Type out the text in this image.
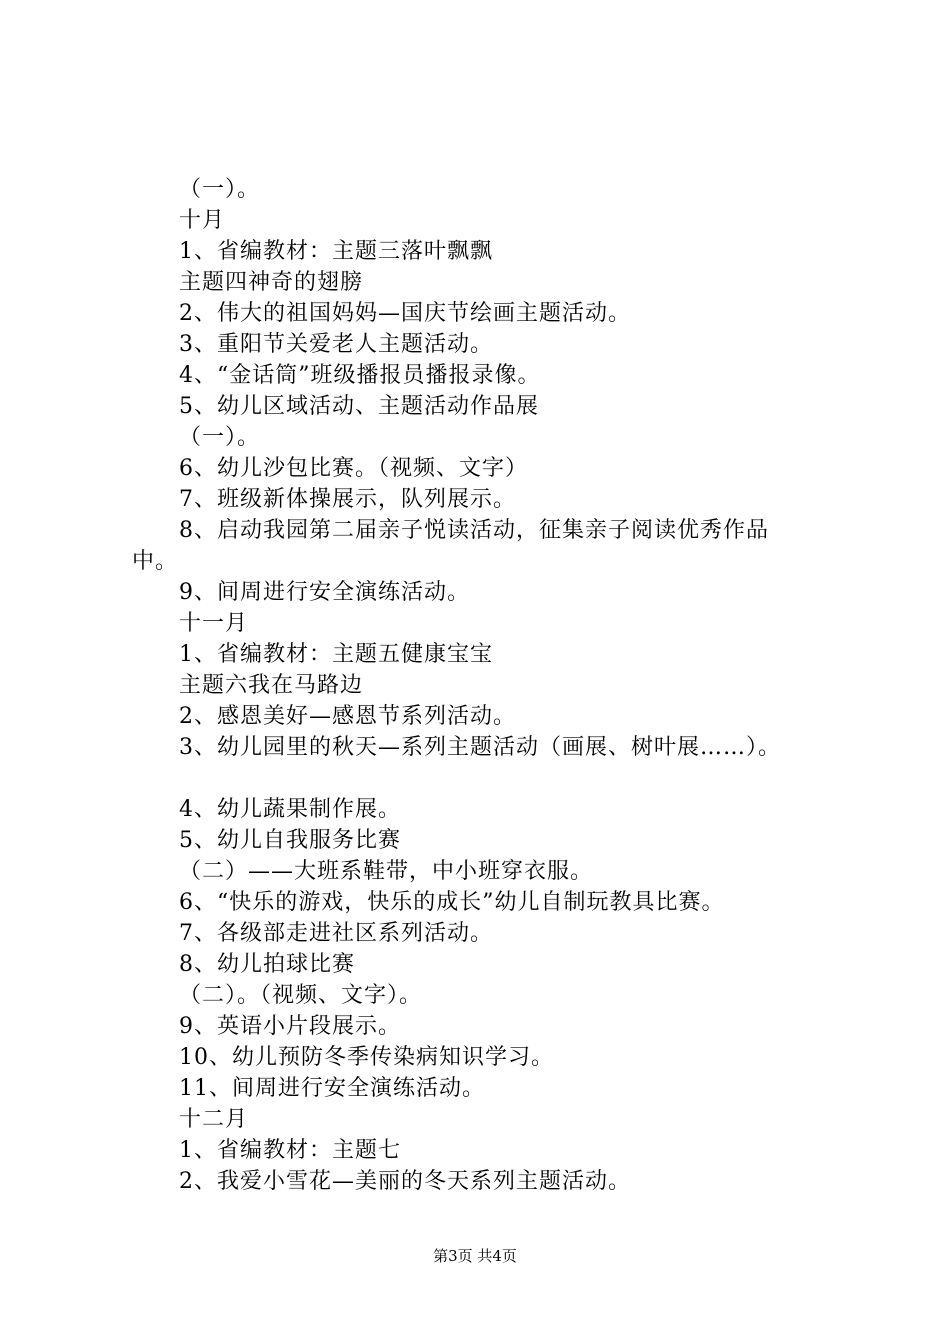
（一）。
十月
1、省编教材：主题三落叶飘飘
主题四神奇的翅膀
2、伟大的祖国妈妈—国庆节绘画主题活动。
3、重阳节关爱老人主题活动。
4、“金话筒”班级播报员播报录像。
5、幼儿区域活动、主题活动作品展
（一）。
6、幼儿沙包比赛。（视频、文字）
7、班级新体操展示，队列展示。
8、启动我园第二届亲子悦读活动，征集亲子阅读优秀作品
中。
9、间周进行安全演练活动。
十一月
1、省编教材：主题五健康宝宝
主题六我在马路边
2、感恩美好—感恩节系列活动。
3、幼儿园里的秋天—系列主题活动（画展、树叶展……）。
4、幼儿蔬果制作展。
5、幼儿自我服务比赛
（二）——大班系鞋带，中小班穿衣服。
6、“快乐的游戏，快乐的成长”幼儿自制玩教具比赛。
7、各级部走进社区系列活动。
8、幼儿拍球比赛
（二）。（视频、文字）。
9、英语小片段展示。
10、幼儿预防冬季传染病知识学习。
11、间周进行安全演练活动。
十二月
1、省编教材：主题七
2、我爱小雪花—美丽的冬天系列主题活动。
第3页 共4页
